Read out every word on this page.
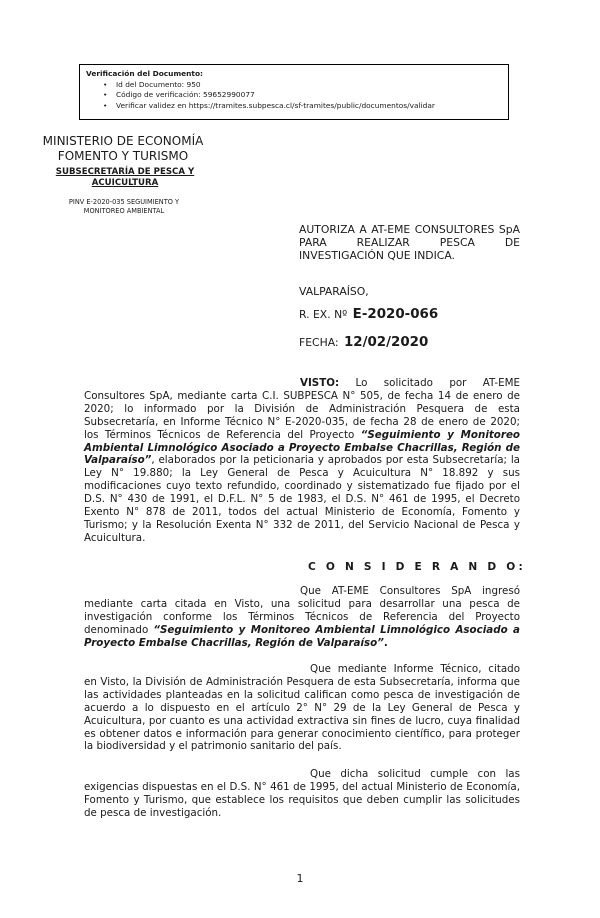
Verificación del Documento:
• Id del Documento: 950
• Código de verificación: 59652990077
• Verificar validez en https://tramites.subpesca.cl/sf-tramites/public/documentos/validar
MINISTERIO DE ECONOMÍA
FOMENTO Y TURISMO
SUBSECRETARÍA DE PESCA Y
ACUICULTURA
PINV E-2020-035 SEGUIMIENTO Y
MONITOREO AMBIENTAL
AUTORIZA A AT-EME CONSULTORES SpA PARA REALIZAR PESCA DE INVESTIGACIÓN QUE INDICA.
VALPARAÍSO,
R. EX. Nº E-2020-066
FECHA: 12/02/2020
VISTO: Lo solicitado por AT-EME Consultores SpA, mediante carta C.I. SUBPESCA N° 505, de fecha 14 de enero de 2020; lo informado por la División de Administración Pesquera de esta Subsecretaría, en Informe Técnico N° E-2020-035, de fecha 28 de enero de 2020; los Términos Técnicos de Referencia del Proyecto “Seguimiento y Monitoreo Ambiental Limnológico Asociado a Proyecto Embalse Chacrillas, Región de Valparaíso”, elaborados por la peticionaria y aprobados por esta Subsecretaría; la Ley N° 19.880; la Ley General de Pesca y Acuicultura N° 18.892 y sus modificaciones cuyo texto refundido, coordinado y sistematizado fue fijado por el D.S. N° 430 de 1991, el D.F.L. N° 5 de 1983, el D.S. N° 461 de 1995, el Decreto Exento N° 878 de 2011, todos del actual Ministerio de Economía, Fomento y Turismo; y la Resolución Exenta N° 332 de 2011, del Servicio Nacional de Pesca y Acuicultura.
C O N S I D E R A N D O:
Que AT-EME Consultores SpA ingresó mediante carta citada en Visto, una solicitud para desarrollar una pesca de investigación conforme los Términos Técnicos de Referencia del Proyecto denominado “Seguimiento y Monitoreo Ambiental Limnológico Asociado a Proyecto Embalse Chacrillas, Región de Valparaíso”.
Que mediante Informe Técnico, citado en Visto, la División de Administración Pesquera de esta Subsecretaría, informa que las actividades planteadas en la solicitud califican como pesca de investigación de acuerdo a lo dispuesto en el artículo 2° N° 29 de la Ley General de Pesca y Acuicultura, por cuanto es una actividad extractiva sin fines de lucro, cuya finalidad es obtener datos e información para generar conocimiento científico, para proteger la biodiversidad y el patrimonio sanitario del país.
Que dicha solicitud cumple con las exigencias dispuestas en el D.S. N° 461 de 1995, del actual Ministerio de Economía, Fomento y Turismo, que establece los requisitos que deben cumplir las solicitudes de pesca de investigación.
1
